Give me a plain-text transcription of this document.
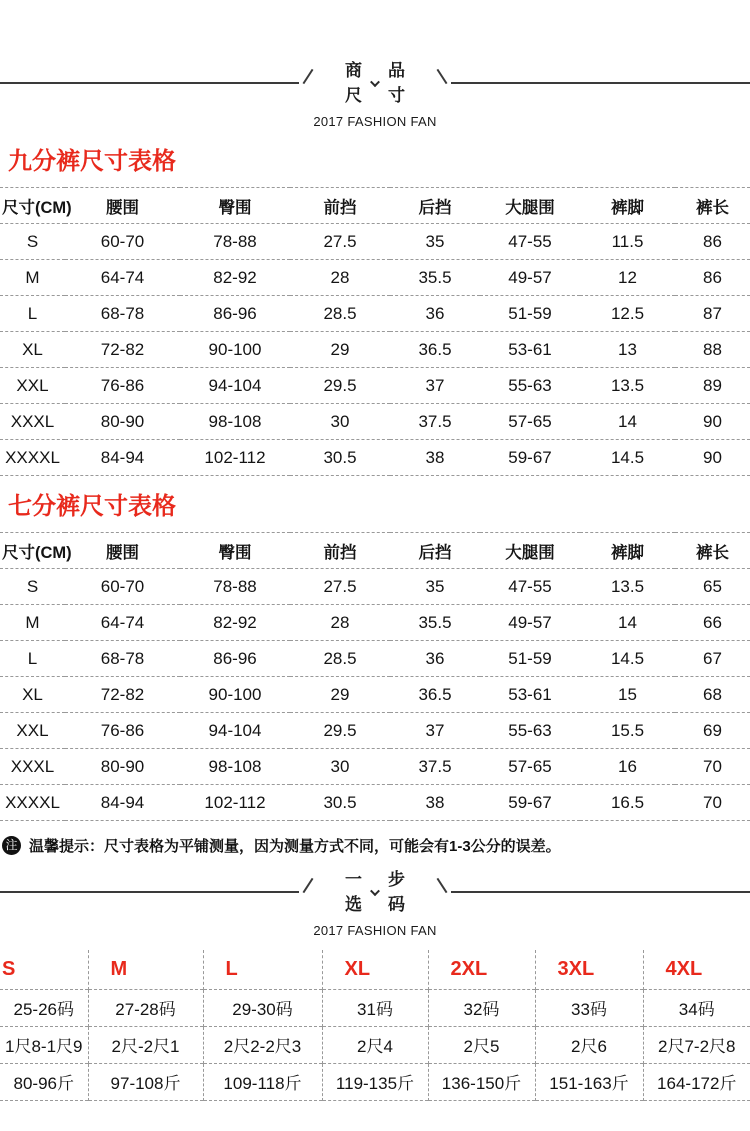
商品
尺寸
2017 FASHION FAN
九分裤尺寸表格
尺寸(CM)	腰围	臀围	前挡	后挡	大腿围	裤脚	裤长
S	60-70	78-88	27.5	35	47-55	11.5	86
M	64-74	82-92	28	35.5	49-57	12	86
L	68-78	86-96	28.5	36	51-59	12.5	87
XL	72-82	90-100	29	36.5	53-61	13	88
XXL	76-86	94-104	29.5	37	55-63	13.5	89
XXXL	80-90	98-108	30	37.5	57-65	14	90
XXXXL	84-94	102-112	30.5	38	59-67	14.5	90
七分裤尺寸表格
尺寸(CM)	腰围	臀围	前挡	后挡	大腿围	裤脚	裤长
S	60-70	78-88	27.5	35	47-55	13.5	65
M	64-74	82-92	28	35.5	49-57	14	66
L	68-78	86-96	28.5	36	51-59	14.5	67
XL	72-82	90-100	29	36.5	53-61	15	68
XXL	76-86	94-104	29.5	37	55-63	15.5	69
XXXL	80-90	98-108	30	37.5	57-65	16	70
XXXXL	84-94	102-112	30.5	38	59-67	16.5	70
注 温馨提示：尺寸表格为平铺测量，因为测量方式不同，可能会有1-3公分的误差。
一步
选码
2017 FASHION FAN
S	M	L	XL	2XL	3XL	4XL
25-26码	27-28码	29-30码	31码	32码	33码	34码
1尺8-1尺9	2尺-2尺1	2尺2-2尺3	2尺4	2尺5	2尺6	2尺7-2尺8
80-96斤	97-108斤	109-118斤	119-135斤	136-150斤	151-163斤	164-172斤
